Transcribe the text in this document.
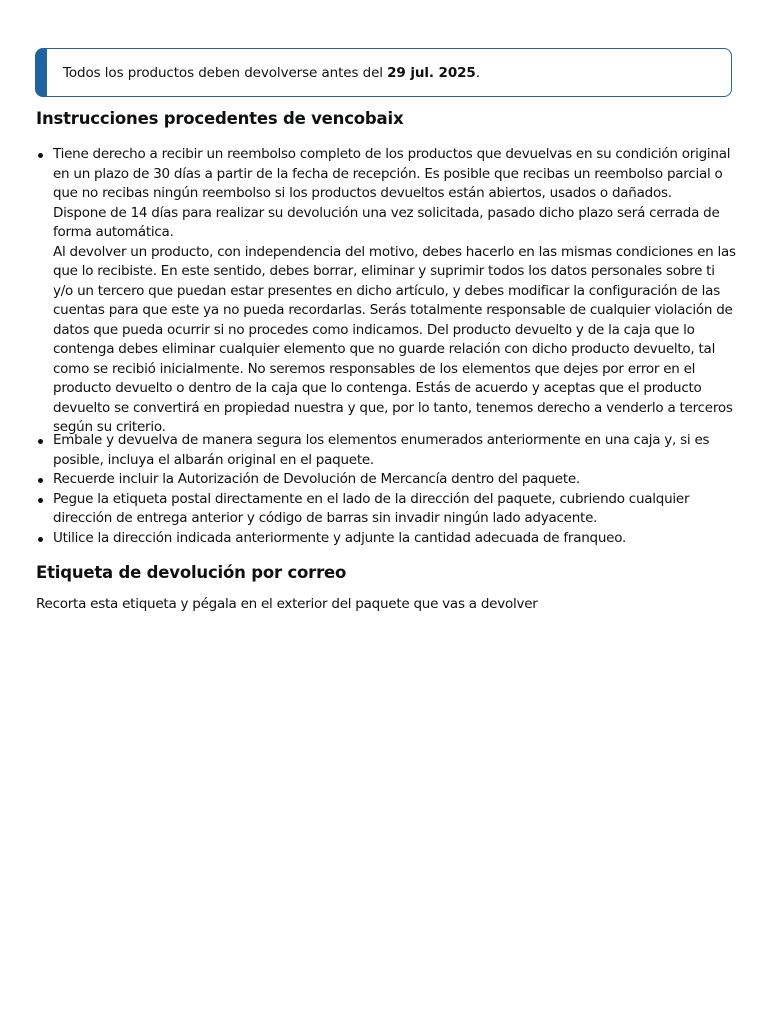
Todos los productos deben devolverse antes del 29 jul. 2025.
Instrucciones procedentes de vencobaix
Tiene derecho a recibir un reembolso completo de los productos que devuelvas en su condición original en un plazo de 30 días a partir de la fecha de recepción. Es posible que recibas un reembolso parcial o que no recibas ningún reembolso si los productos devueltos están abiertos, usados o dañados.
Dispone de 14 días para realizar su devolución una vez solicitada, pasado dicho plazo será cerrada de forma automática.
Al devolver un producto, con independencia del motivo, debes hacerlo en las mismas condiciones en las que lo recibiste. En este sentido, debes borrar, eliminar y suprimir todos los datos personales sobre ti y/o un tercero que puedan estar presentes en dicho artículo, y debes modificar la configuración de las cuentas para que este ya no pueda recordarlas. Serás totalmente responsable de cualquier violación de datos que pueda ocurrir si no procedes como indicamos. Del producto devuelto y de la caja que lo contenga debes eliminar cualquier elemento que no guarde relación con dicho producto devuelto, tal como se recibió inicialmente. No seremos responsables de los elementos que dejes por error en el producto devuelto o dentro de la caja que lo contenga. Estás de acuerdo y aceptas que el producto devuelto se convertirá en propiedad nuestra y que, por lo tanto, tenemos derecho a venderlo a terceros según su criterio.
Embale y devuelva de manera segura los elementos enumerados anteriormente en una caja y, si es posible, incluya el albarán original en el paquete.
Recuerde incluir la Autorización de Devolución de Mercancía dentro del paquete.
Pegue la etiqueta postal directamente en el lado de la dirección del paquete, cubriendo cualquier dirección de entrega anterior y código de barras sin invadir ningún lado adyacente.
Utilice la dirección indicada anteriormente y adjunte la cantidad adecuada de franqueo.
Etiqueta de devolución por correo

Recorta esta etiqueta y pégala en el exterior del paquete que vas a devolver
